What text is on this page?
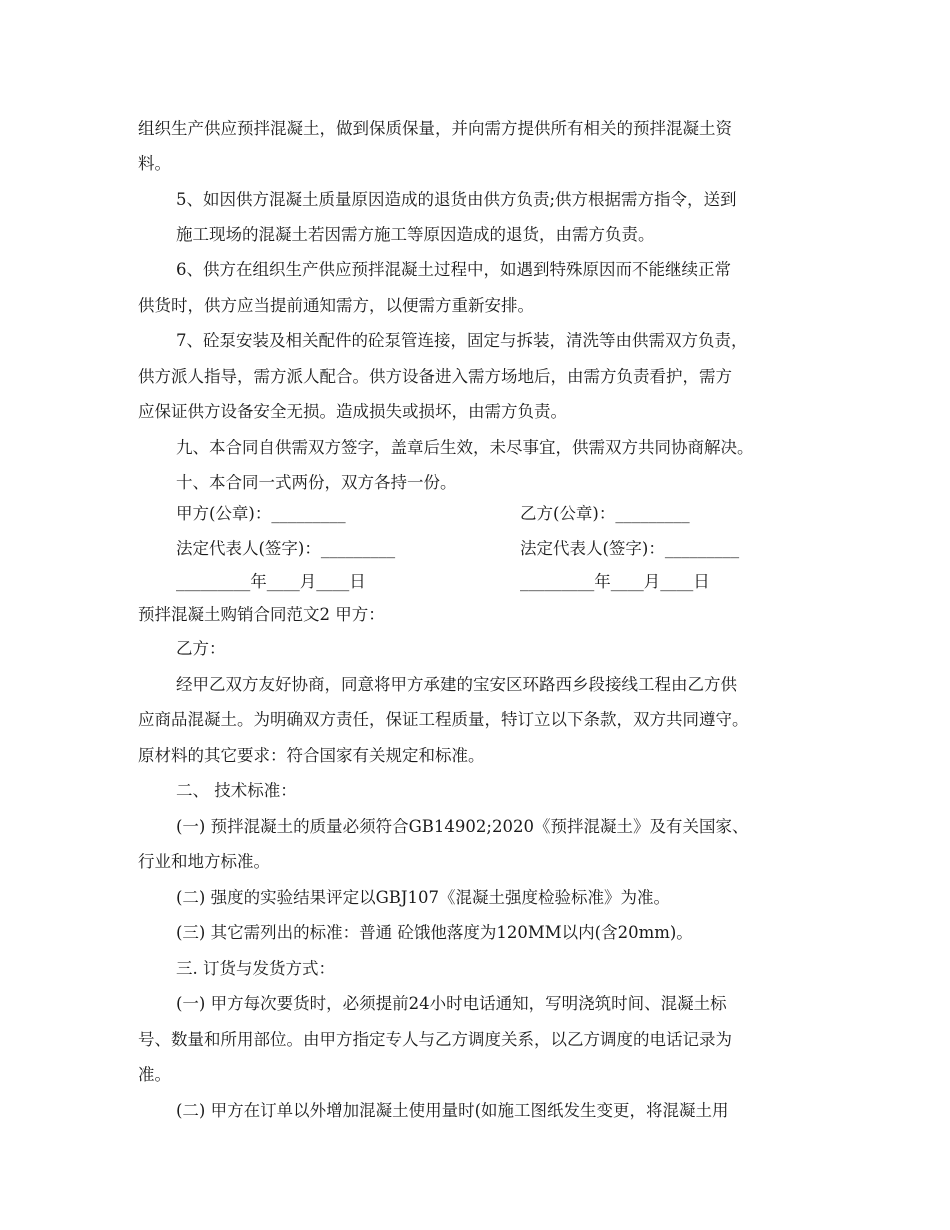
组织生产供应预拌混凝土，做到保质保量，并向需方提供所有相关的预拌混凝土资
料。
5、如因供方混凝土质量原因造成的退货由供方负责;供方根据需方指令，送到
施工现场的混凝土若因需方施工等原因造成的退货，由需方负责。
6、供方在组织生产供应预拌混凝土过程中，如遇到特殊原因而不能继续正常
供货时，供方应当提前通知需方，以便需方重新安排。
7、砼泵安装及相关配件的砼泵管连接，固定与拆装，清洗等由供需双方负责，
供方派人指导，需方派人配合。供方设备进入需方场地后，由需方负责看护，需方
应保证供方设备安全无损。造成损失或损坏，由需方负责。
九、本合同自供需双方签字，盖章后生效，未尽事宜，供需双方共同协商解决。
十、本合同一式两份，双方各持一份。
甲方(公章)：_________	乙方(公章)：_________
法定代表人(签字)：_________	法定代表人(签字)：_________
_________年____月____日	_________年____月____日
预拌混凝土购销合同范文2 甲方：
乙方：
经甲乙双方友好协商，同意将甲方承建的宝安区环路西乡段接线工程由乙方供
应商品混凝土。为明确双方责任，保证工程质量，特订立以下条款，双方共同遵守。
原材料的其它要求：符合国家有关规定和标准。
二、 技术标准：
(一) 预拌混凝土的质量必须符合GB14902;2020《预拌混凝土》及有关国家、
行业和地方标准。
(二) 强度的实验结果评定以GBJ107《混凝土强度检验标准》为准。
(三) 其它需列出的标准：普通 砼饿他落度为120MM以内(含20mm)。
三. 订货与发货方式：
(一) 甲方每次要货时，必须提前24小时电话通知，写明浇筑时间、混凝土标
号、数量和所用部位。由甲方指定专人与乙方调度关系，以乙方调度的电话记录为
准。
(二) 甲方在订单以外增加混凝土使用量时(如施工图纸发生变更，将混凝土用
